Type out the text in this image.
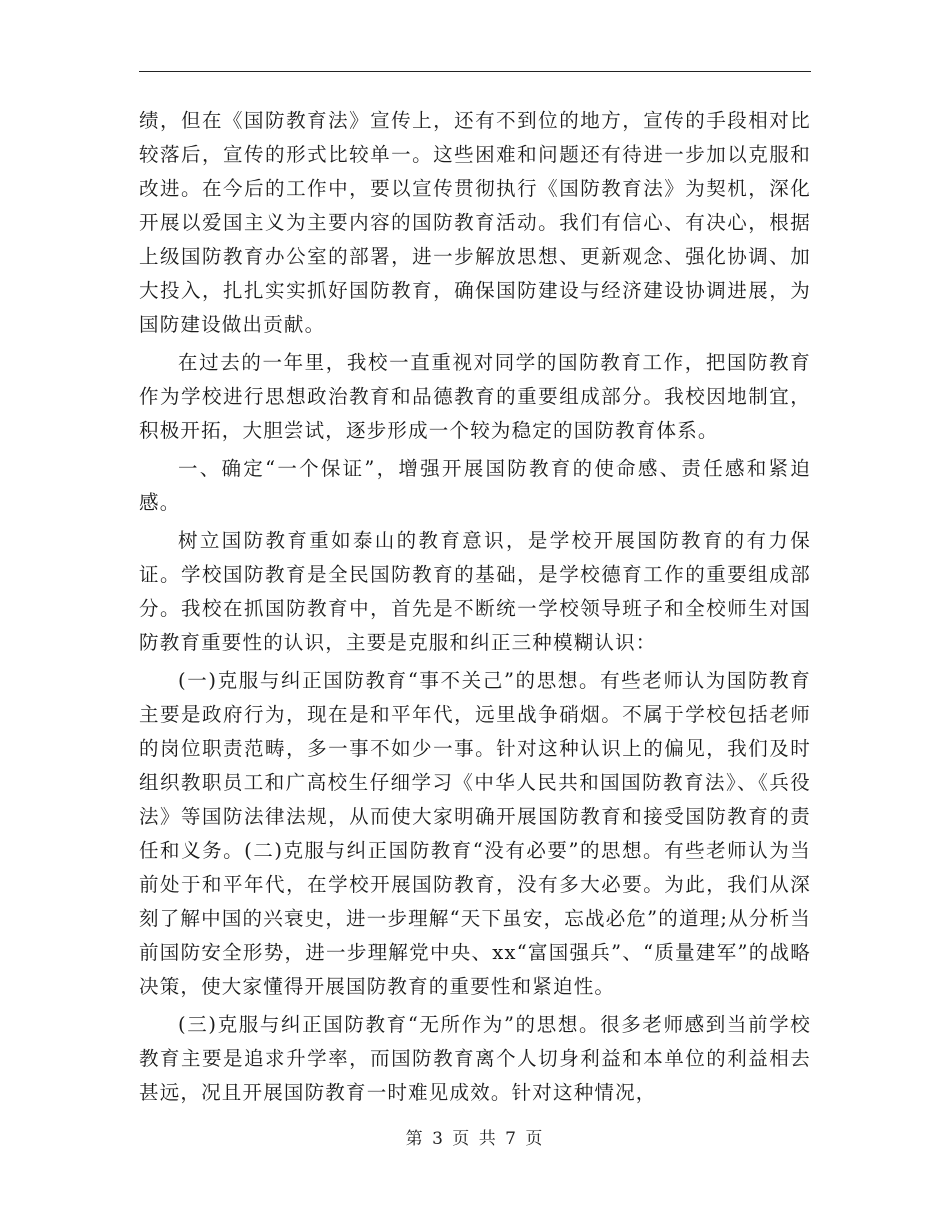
绩，但在《国防教育法》宣传上，还有不到位的地方，宣传的手段相对比较落后，宣传的形式比较单一。这些困难和问题还有待进一步加以克服和改进。在今后的工作中，要以宣传贯彻执行《国防教育法》为契机，深化开展以爱国主义为主要内容的国防教育活动。我们有信心、有决心，根据上级国防教育办公室的部署，进一步解放思想、更新观念、强化协调、加大投入，扎扎实实抓好国防教育，确保国防建设与经济建设协调进展，为国防建设做出贡献。

在过去的一年里，我校一直重视对同学的国防教育工作，把国防教育作为学校进行思想政治教育和品德教育的重要组成部分。我校因地制宜，积极开拓，大胆尝试，逐步形成一个较为稳定的国防教育体系。

一、确定“一个保证”，增强开展国防教育的使命感、责任感和紧迫感。

树立国防教育重如泰山的教育意识，是学校开展国防教育的有力保证。学校国防教育是全民国防教育的基础，是学校德育工作的重要组成部分。我校在抓国防教育中，首先是不断统一学校领导班子和全校师生对国防教育重要性的认识，主要是克服和纠正三种模糊认识：

(一)克服与纠正国防教育“事不关己”的思想。有些老师认为国防教育主要是政府行为，现在是和平年代，远里战争硝烟。不属于学校包括老师的岗位职责范畴，多一事不如少一事。针对这种认识上的偏见，我们及时组织教职员工和广高校生仔细学习《中华人民共和国国防教育法》、《兵役法》等国防法律法规，从而使大家明确开展国防教育和接受国防教育的责任和义务。(二)克服与纠正国防教育“没有必要”的思想。有些老师认为当前处于和平年代，在学校开展国防教育，没有多大必要。为此，我们从深刻了解中国的兴衰史，进一步理解“天下虽安，忘战必危”的道理;从分析当前国防安全形势，进一步理解党中央、xx“富国强兵”、“质量建军”的战略决策，使大家懂得开展国防教育的重要性和紧迫性。

(三)克服与纠正国防教育“无所作为”的思想。很多老师感到当前学校教育主要是追求升学率，而国防教育离个人切身利益和本单位的利益相去甚远，况且开展国防教育一时难见成效。针对这种情况，

第 3 页 共 7 页
